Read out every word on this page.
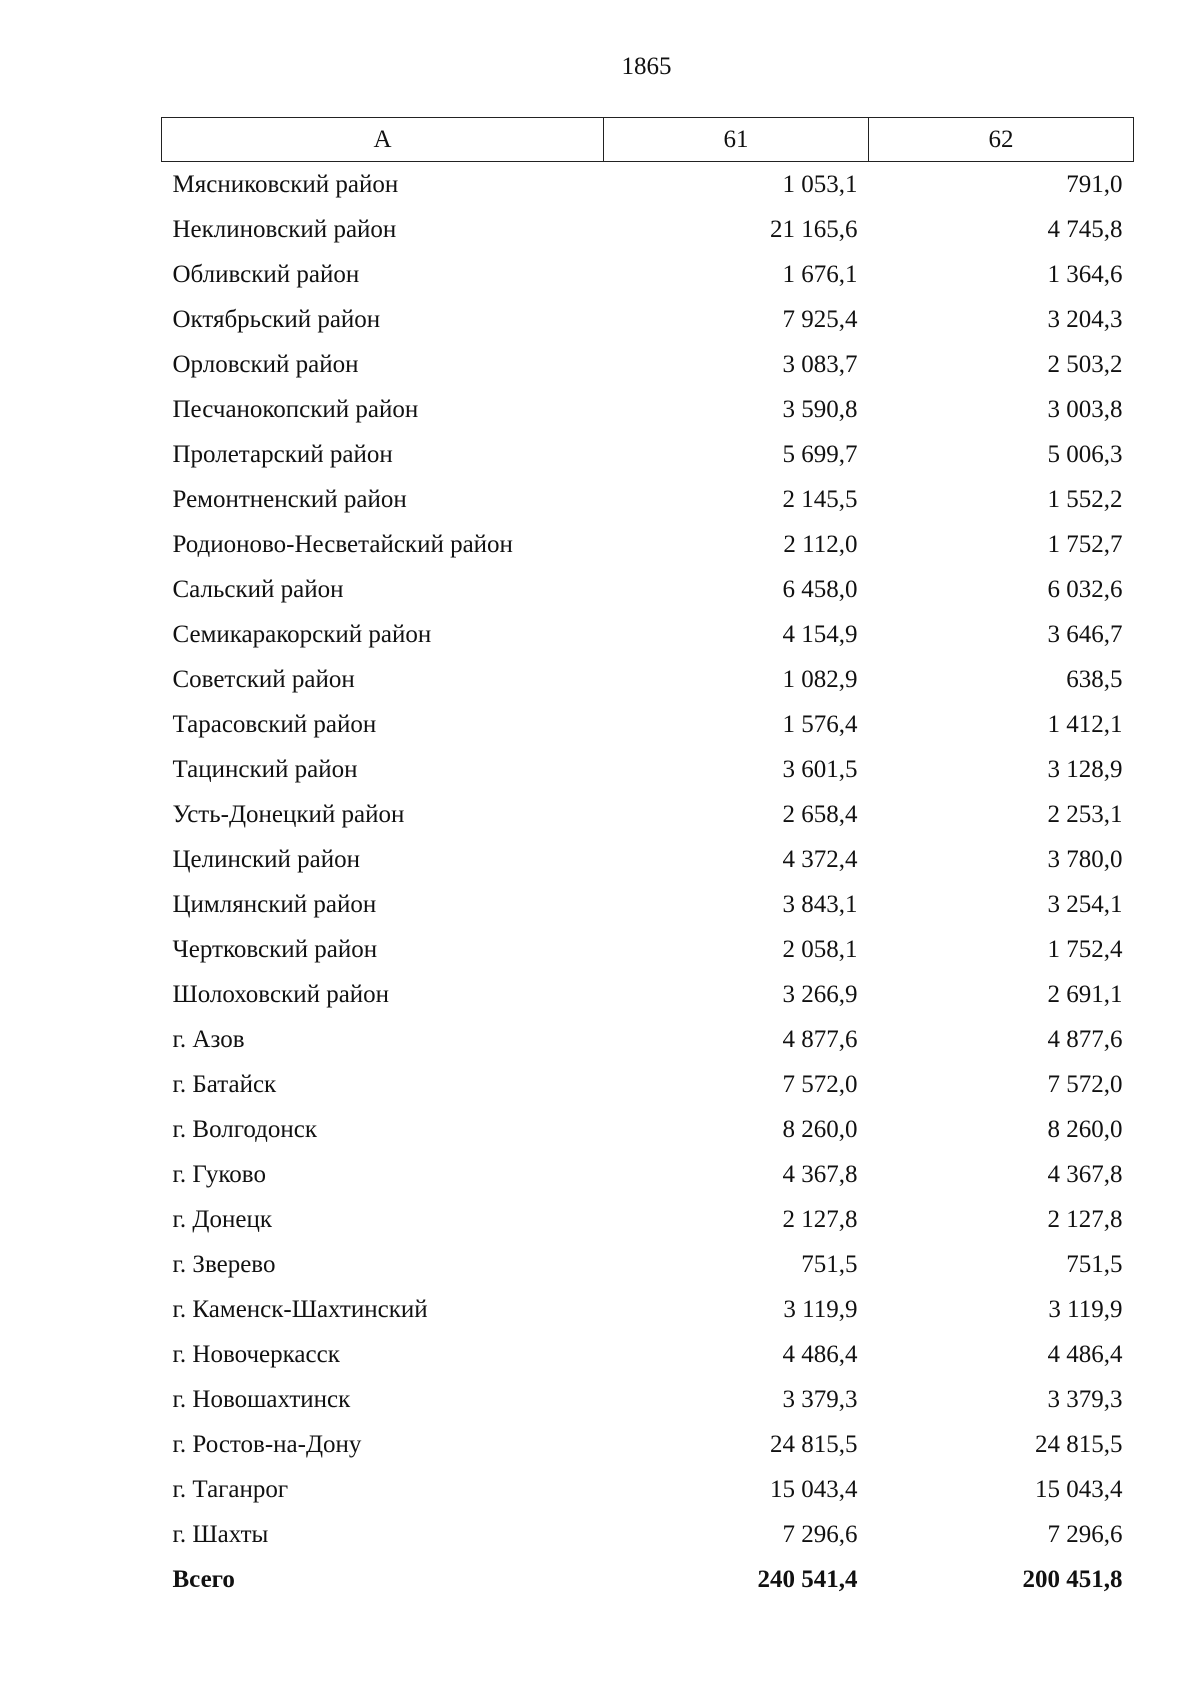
1865
А	61	62
Мясниковский район	1 053,1	791,0
Неклиновский район	21 165,6	4 745,8
Обливский район	1 676,1	1 364,6
Октябрьский район	7 925,4	3 204,3
Орловский район	3 083,7	2 503,2
Песчанокопский район	3 590,8	3 003,8
Пролетарский район	5 699,7	5 006,3
Ремонтненский район	2 145,5	1 552,2
Родионово-Несветайский район	2 112,0	1 752,7
Сальский район	6 458,0	6 032,6
Семикаракорский район	4 154,9	3 646,7
Советский район	1 082,9	638,5
Тарасовский район	1 576,4	1 412,1
Тацинский район	3 601,5	3 128,9
Усть-Донецкий район	2 658,4	2 253,1
Целинский район	4 372,4	3 780,0
Цимлянский район	3 843,1	3 254,1
Чертковский район	2 058,1	1 752,4
Шолоховский район	3 266,9	2 691,1
г. Азов	4 877,6	4 877,6
г. Батайск	7 572,0	7 572,0
г. Волгодонск	8 260,0	8 260,0
г. Гуково	4 367,8	4 367,8
г. Донецк	2 127,8	2 127,8
г. Зверево	751,5	751,5
г. Каменск-Шахтинский	3 119,9	3 119,9
г. Новочеркасск	4 486,4	4 486,4
г. Новошахтинск	3 379,3	3 379,3
г. Ростов-на-Дону	24 815,5	24 815,5
г. Таганрог	15 043,4	15 043,4
г. Шахты	7 296,6	7 296,6
Всего	240 541,4	200 451,8
